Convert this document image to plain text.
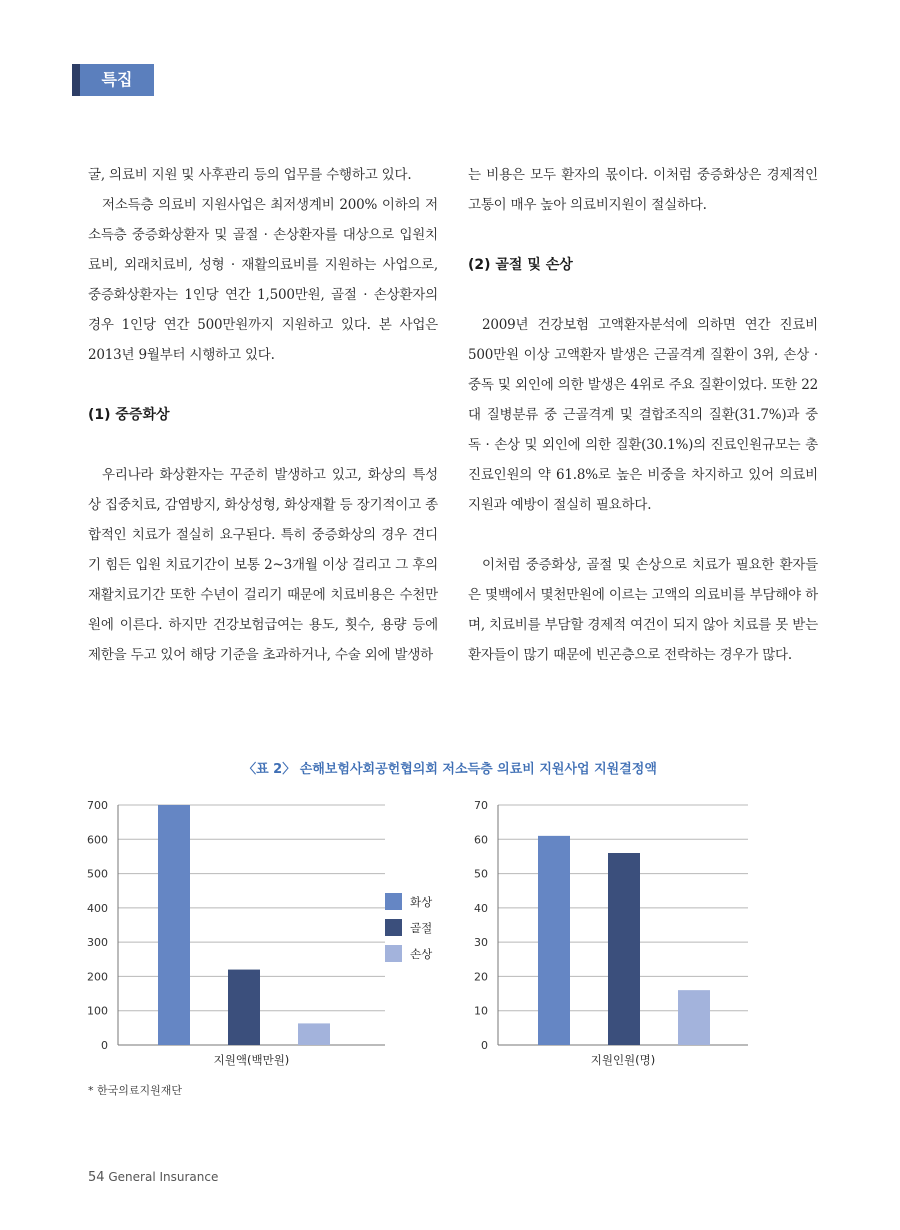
특집

굴, 의료비 지원 및 사후관리 등의 업무를 수행하고 있다.

저소득층 의료비 지원사업은 최저생계비 200% 이하의 저소득층 중증화상환자 및 골절 · 손상환자를 대상으로 입원치료비, 외래치료비, 성형 · 재활의료비를 지원하는 사업으로, 중증화상환자는 1인당 연간 1,500만원, 골절 · 손상환자의 경우 1인당 연간 500만원까지 지원하고 있다. 본 사업은 2013년 9월부터 시행하고 있다.

(1) 중증화상

우리나라 화상환자는 꾸준히 발생하고 있고, 화상의 특성상 집중치료, 감염방지, 화상성형, 화상재활 등 장기적이고 종합적인 치료가 절실히 요구된다. 특히 중증화상의 경우 견디기 힘든 입원 치료기간이 보통 2~3개월 이상 걸리고 그 후의 재활치료기간 또한 수년이 걸리기 때문에 치료비용은 수천만원에 이른다. 하지만 건강보험급여는 용도, 횟수, 용량 등에 제한을 두고 있어 해당 기준을 초과하거나, 수술 외에 발생하

는 비용은 모두 환자의 몫이다. 이처럼 중증화상은 경제적인 고통이 매우 높아 의료비지원이 절실하다.

(2) 골절 및 손상

2009년 건강보험 고액환자분석에 의하면 연간 진료비 500만원 이상 고액환자 발생은 근골격계 질환이 3위, 손상 · 중독 및 외인에 의한 발생은 4위로 주요 질환이었다. 또한 22대 질병분류 중 근골격계 및 결합조직의 질환(31.7%)과 중독 · 손상 및 외인에 의한 질환(30.1%)의 진료인원규모는 총 진료인원의 약 61.8%로 높은 비중을 차지하고 있어 의료비지원과 예방이 절실히 필요하다.

이처럼 중증화상, 골절 및 손상으로 치료가 필요한 환자들은 몇백에서 몇천만원에 이르는 고액의 의료비를 부담해야 하며, 치료비를 부담할 경제적 여건이 되지 않아 치료를 못 받는 환자들이 많기 때문에 빈곤층으로 전락하는 경우가 많다.

〈표 2〉 손해보험사회공헌협의회 저소득층 의료비 지원사업 지원결정액
0
100
200
300
400
500
600
700
지원액(백만원)
0
10
20
30
40
50
60
70
지원인원(명)
화상
골절
손상
* 한국의료지원재단
54 General Insurance
